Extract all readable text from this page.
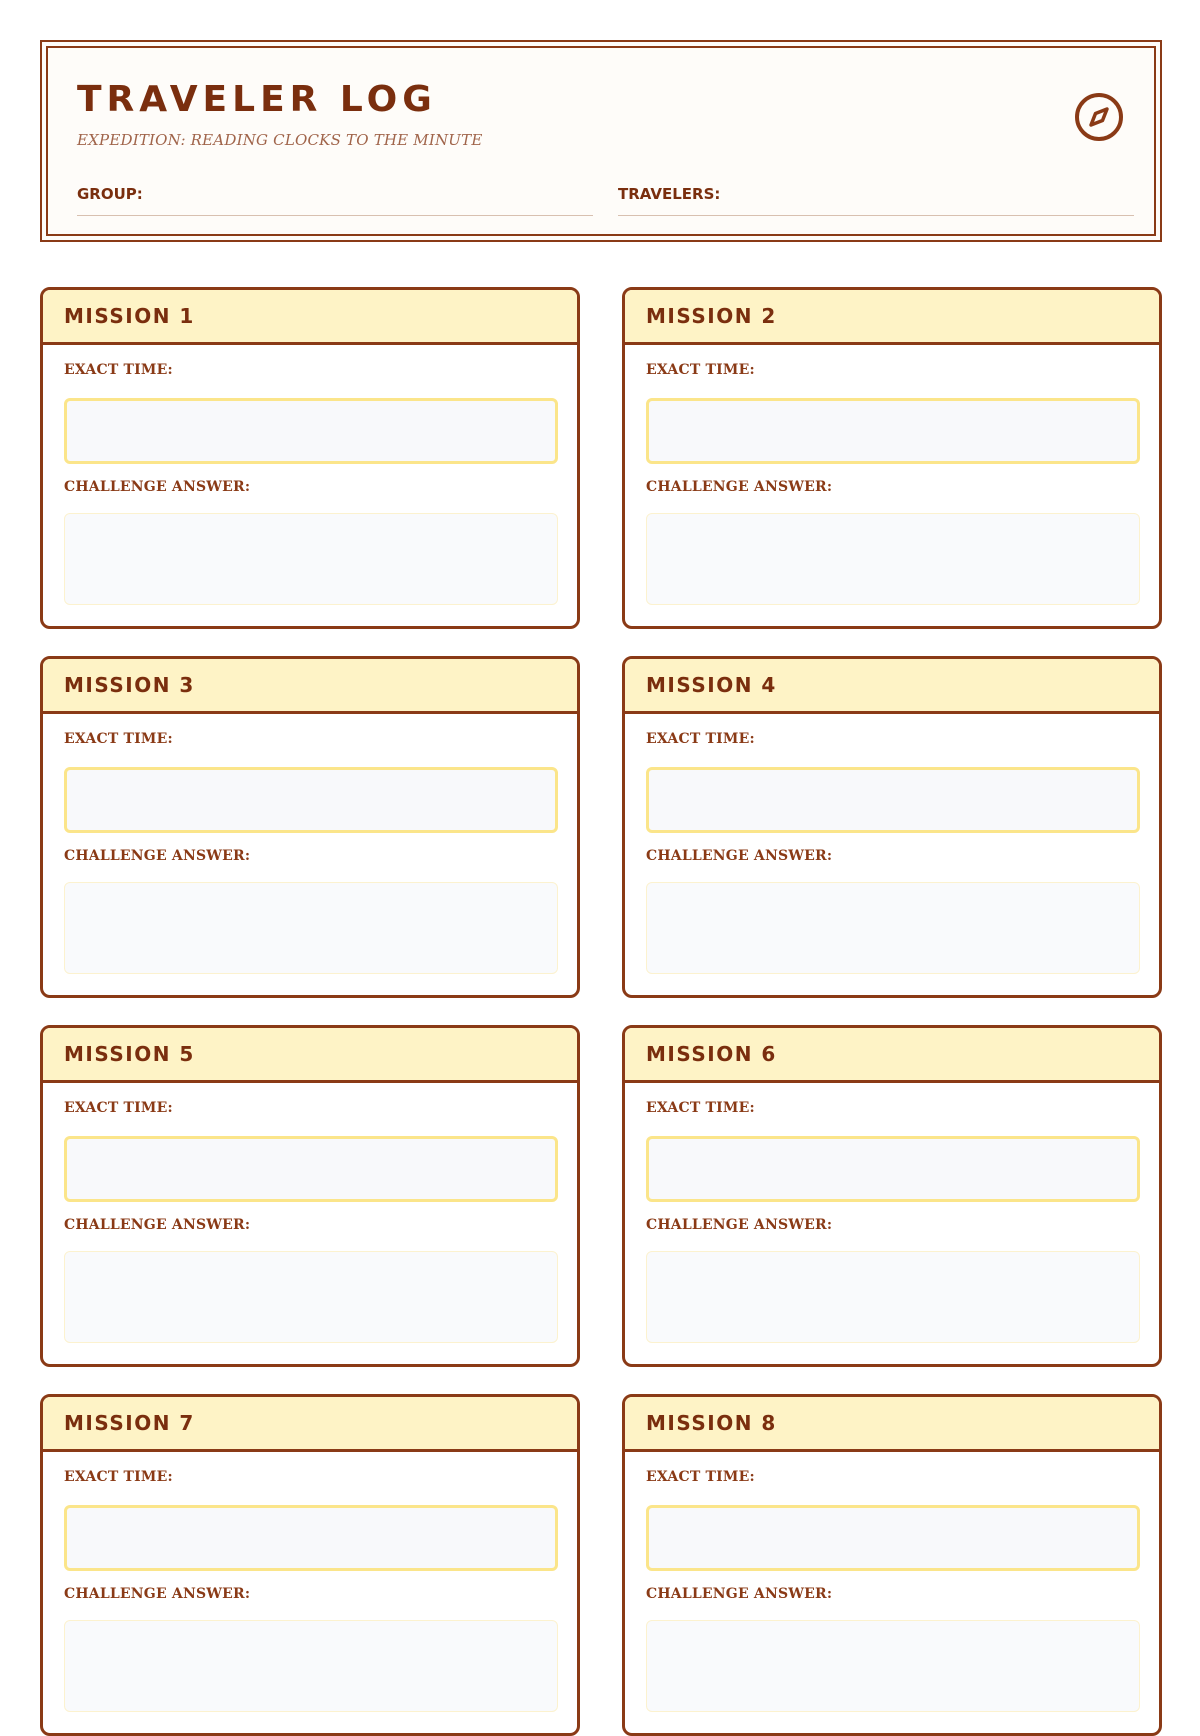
TRAVELER LOG
EXPEDITION: READING CLOCKS TO THE MINUTE
GROUP:	TRAVELERS:
MISSION 1
EXACT TIME:
CHALLENGE ANSWER:
MISSION 2
EXACT TIME:
CHALLENGE ANSWER:
MISSION 3
EXACT TIME:
CHALLENGE ANSWER:
MISSION 4
EXACT TIME:
CHALLENGE ANSWER:
MISSION 5
EXACT TIME:
CHALLENGE ANSWER:
MISSION 6
EXACT TIME:
CHALLENGE ANSWER:
MISSION 7
EXACT TIME:
CHALLENGE ANSWER:
MISSION 8
EXACT TIME:
CHALLENGE ANSWER:
